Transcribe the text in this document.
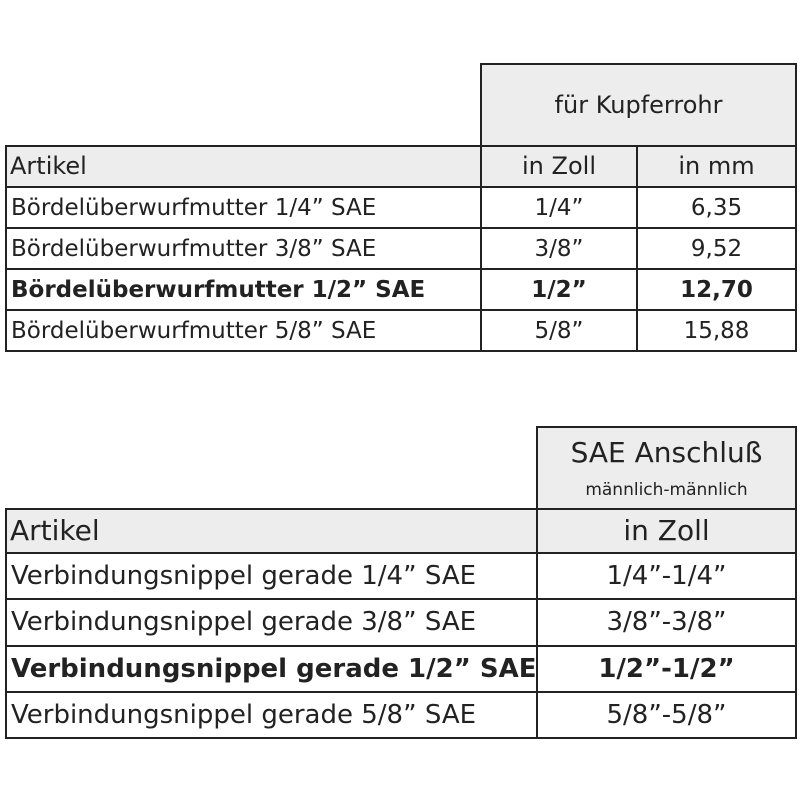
für Kupferrohr
Artikel	in Zoll	in mm
Bördelüberwurfmutter 1/4” SAE	1/4”	6,35
Bördelüberwurfmutter 3/8” SAE	3/8”	9,52
Bördelüberwurfmutter 1/2” SAE	1/2”	12,70
Bördelüberwurfmutter 5/8” SAE	5/8”	15,88
SAE Anschluß
männlich-männlich
Artikel	in Zoll
Verbindungsnippel gerade 1/4” SAE	1/4”-1/4”
Verbindungsnippel gerade 3/8” SAE	3/8”-3/8”
Verbindungsnippel gerade 1/2” SAE	1/2”-1/2”
Verbindungsnippel gerade 5/8” SAE	5/8”-5/8”
